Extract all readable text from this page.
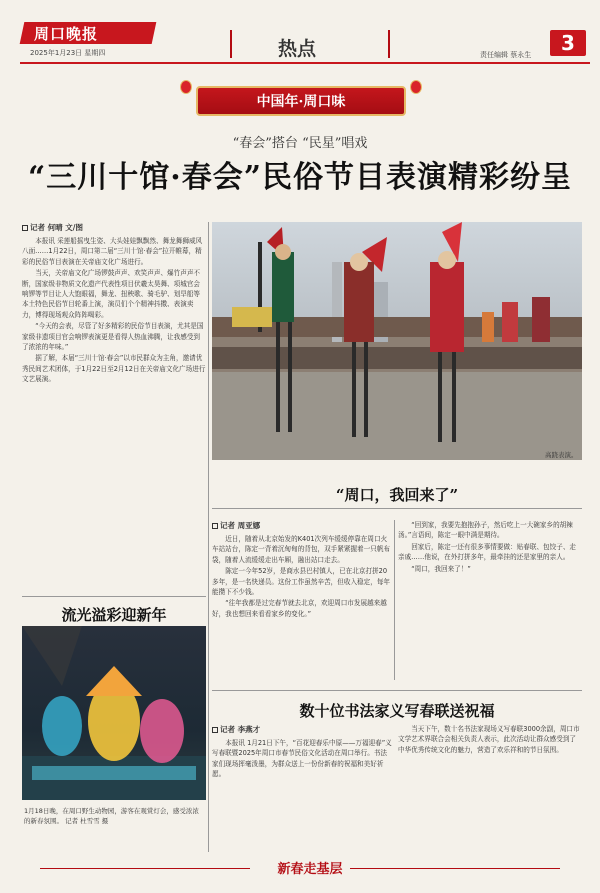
周口晚报
2025年1月23日 星期四	热点	责任编辑 蔡永生	3
中国年·周口味
“春会”搭台 “民星”唱戏
“三川十馆·春会”民俗节目表演精彩纷呈
记者 何晴 文/图

本报讯 采莲船摇曳生姿、大头娃娃飘飘然、舞龙舞狮威风八面……1月22日，周口第二届“三川十馆·春会”拉开帷幕，精彩的民俗节目表演在关帝庙文化广场进行。

当天，关帝庙文化广场锣鼓声声、欢笑声声、爆竹声声不断，国家级非物质文化遗产代表性项目伏羲太昊舞、项城官会响锣等节目让人大饱眼福，舞龙、扭秧歌、骑毛驴、划旱船等本土特色民俗节目轮番上演，演员们个个精神抖擞、表演卖力，博得现场观众阵阵喝彩。

“今天的会表，尽管了好多精彩的民俗节目表演，尤其是国家级非遗项目官会响锣表演更是看得人热血沸腾，让我感受到了浓浓的年味。”

据了解，本届“三川十馆·春会”以市民群众为主角，邀请优秀民间艺术团体，于1月22日至2月12日在关帝庙文化广场进行文艺展演。

高跷表演。
“周口，我回来了”
记者 周亚娜

近日，随着从北京始发的K401次列车缓缓停靠在周口火车站站台，陈定一背着沉甸甸的背包，双手紧紧握着一只帆布袋，随着人流缓缓走出车厢，融出站口走去。

陈定一今年52岁，是商水县巴村镇人，已在北京打拼20多年，是一名快递员。这份工作虽然辛苦，但收入稳定，每年能攒下不少钱。

“往年我都是过完春节就去北京，欢迎周口市发展越来越好，我也想回来看看家乡的变化。”

“回到家，我要先抱抱孙子，然后吃上一大碗家乡的胡辣汤。”言语间，陈定一眼中满是期待。

回家后，陈定一还有很多事情要做：贴春联、包饺子、走亲戚……他说，在外打拼多年，最牵挂的还是家里的亲人。

“周口，我回来了！”

流光溢彩迎新年
1月18日晚，在周口野生动物园，游客在观赏灯会，感受浓浓的新春氛围。 记者 杜雪雪 摄
数十位书法家义写春联送祝福
记者 李燕才

本报讯 1月21日下午，“百花迎春乐中原——万福迎春”义写春联暨2025年周口市春节民俗文化活动在周口举行。书法家们现场挥毫泼墨，为群众送上一份份新春的祝福和美好祈愿。

当天下午，数十名书法家现场义写春联3000余副，周口市文学艺术界联合会相关负责人表示，此次活动让群众感受到了中华优秀传统文化的魅力，营造了欢乐祥和的节日氛围。

新春走基层
